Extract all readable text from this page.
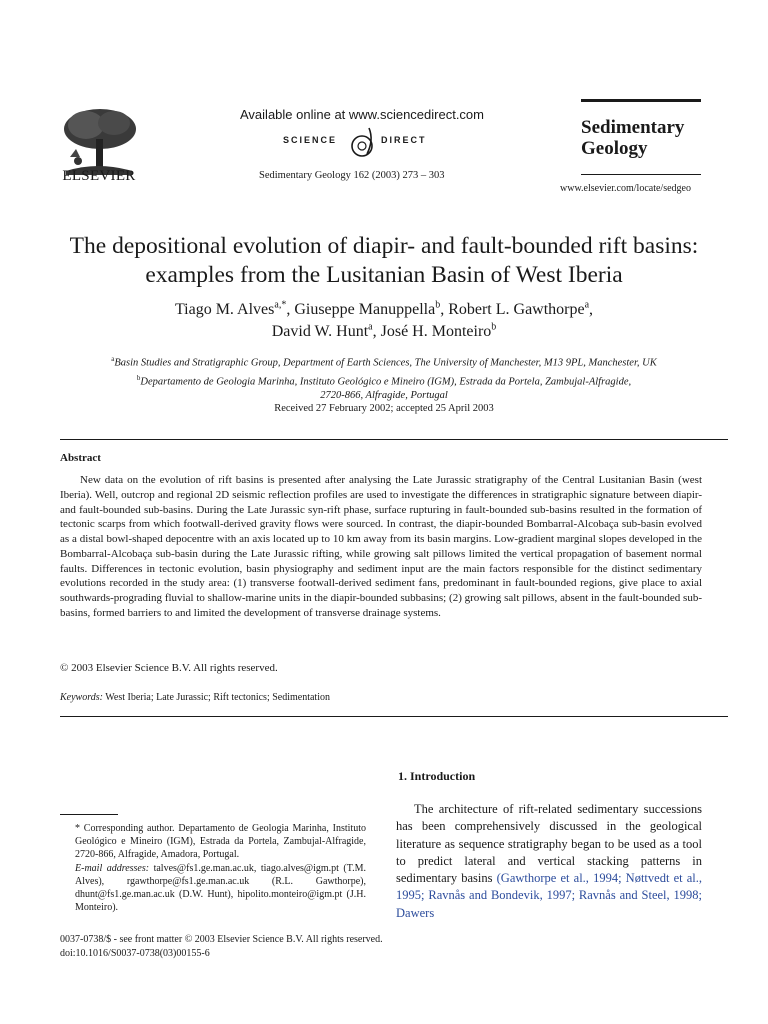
ELSEVIER
Available online at www.sciencedirect.com
SCIENCE	DIRECT
Sedimentary Geology 162 (2003) 273 – 303
Sedimentary
Geology
www.elsevier.com/locate/sedgeo
The depositional evolution of diapir- and fault-bounded rift basins:
examples from the Lusitanian Basin of West Iberia
Tiago M. Alves$^{a,*}$, Giuseppe Manuppella$^b$, Robert L. Gawthorpe$^a$,
David W. Hunt$^a$, José H. Monteiro$^b$
$^a$Basin Studies and Stratigraphic Group, Department of Earth Sciences, The University of Manchester, M13 9PL, Manchester, UK
$^b$Departamento de Geologia Marinha, Instituto Geológico e Mineiro (IGM), Estrada da Portela, Zambujal-Alfragide,
2720-866, Alfragide, Portugal
Received 27 February 2002; accepted 25 April 2003
Abstract
New data on the evolution of rift basins is presented after analysing the Late Jurassic stratigraphy of the Central Lusitanian Basin (west Iberia). Well, outcrop and regional 2D seismic reflection profiles are used to investigate the differences in stratigraphic signature between diapir- and fault-bounded sub-basins. During the Late Jurassic syn-rift phase, surface rupturing in fault-bounded sub-basins resulted in the formation of tectonic scarps from which footwall-derived gravity flows were sourced. In contrast, the diapir-bounded Bombarral-Alcobaça sub-basin evolved as a distal bowl-shaped depocentre with an axis located up to 10 km away from its basin margins. Low-gradient marginal slopes developed in the Bombarral-Alcobaça sub-basin during the Late Jurassic rifting, while growing salt pillows limited the vertical propagation of basement normal faults. Differences in tectonic evolution, basin physiography and sediment input are the main factors responsible for the distinct sedimentary evolutions recorded in the study area: (1) transverse footwall-derived sediment fans, predominant in fault-bounded regions, give place to axial southwards-prograding fluvial to shallow-marine units in the diapir-bounded subbasins; (2) growing salt pillows, absent in the fault-bounded sub-basins, formed barriers to and limited the development of transverse drainage systems.
© 2003 Elsevier Science B.V. All rights reserved.
Keywords: West Iberia; Late Jurassic; Rift tectonics; Sedimentation
1. Introduction
The architecture of rift-related sedimentary successions has been comprehensively discussed in the geological literature as sequence stratigraphy began to be used as a tool to predict lateral and vertical stacking patterns in sedimentary basins (Gawthorpe et al., 1994; Nøttvedt et al., 1995; Ravnås and Bondevik, 1997; Ravnås and Steel, 1998; Dawers
* Corresponding author. Departamento de Geologia Marinha, Instituto Geológico e Mineiro (IGM), Estrada da Portela, Zambujal-Alfragide, 2720-866, Alfragide, Amadora, Portugal.
E-mail addresses: talves@fs1.ge.man.ac.uk, tiago.alves@igm.pt (T.M. Alves), rgawthorpe@fs1.ge.man.ac.uk (R.L. Gawthorpe), dhunt@fs1.ge.man.ac.uk (D.W. Hunt), hipolito.monteiro@igm.pt (J.H. Monteiro).
0037-0738/$ - see front matter © 2003 Elsevier Science B.V. All rights reserved.
doi:10.1016/S0037-0738(03)00155-6
